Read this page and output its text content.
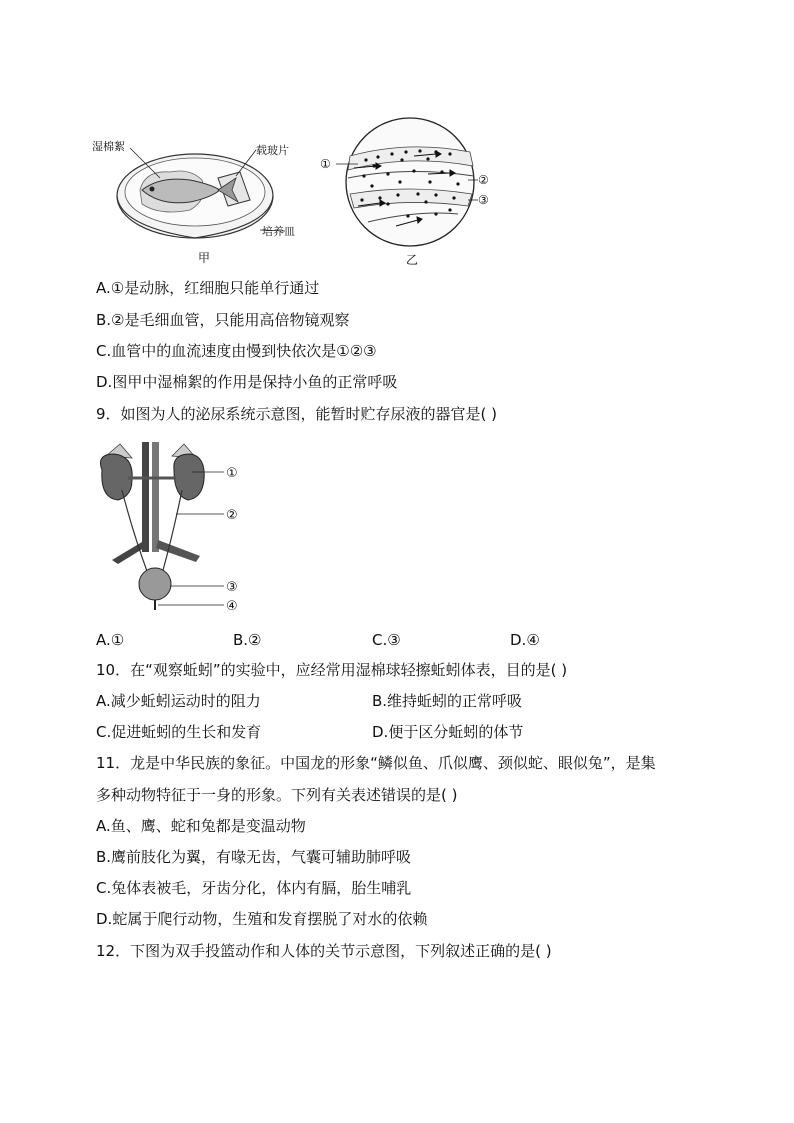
湿棉絮	载玻片
培养皿
甲
①
②
③
乙
A.①是动脉，红细胞只能单行通过
B.②是毛细血管，只能用高倍物镜观察
C.血管中的血流速度由慢到快依次是①②③
D.图甲中湿棉絮的作用是保持小鱼的正常呼吸
9．如图为人的泌尿系统示意图，能暂时贮存尿液的器官是( )
①
②
③
④
A.①	B.②	C.③	D.④
10．在“观察蚯蚓”的实验中，应经常用湿棉球轻擦蚯蚓体表，目的是( )
A.减少蚯蚓运动时的阻力	B.维持蚯蚓的正常呼吸
C.促进蚯蚓的生长和发育	D.便于区分蚯蚓的体节
11．龙是中华民族的象征。中国龙的形象“鳞似鱼、爪似鹰、颈似蛇、眼似兔”，是集
多种动物特征于一身的形象。下列有关表述错误的是( )
A.鱼、鹰、蛇和兔都是变温动物
B.鹰前肢化为翼，有喙无齿，气囊可辅助肺呼吸
C.兔体表被毛，牙齿分化，体内有膈，胎生哺乳
D.蛇属于爬行动物，生殖和发育摆脱了对水的依赖
12．下图为双手投篮动作和人体的关节示意图，下列叙述正确的是( )
